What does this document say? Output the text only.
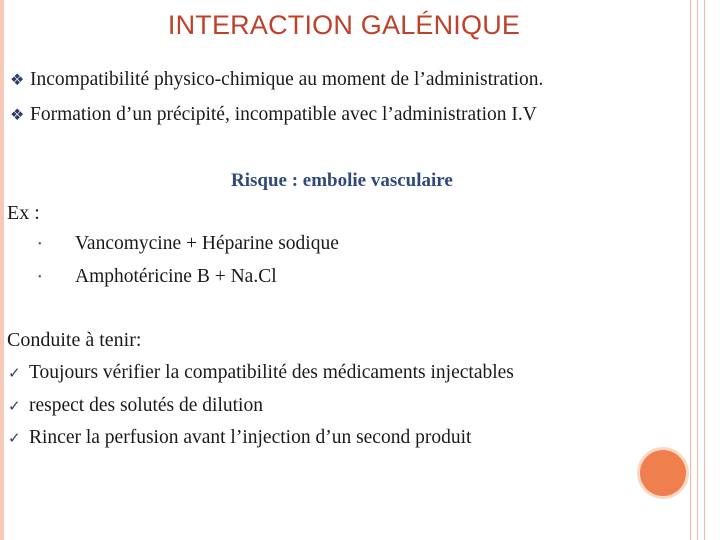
INTERACTION GALÉNIQUE
❖ Incompatibilité physico-chimique au moment de l’administration.
❖ Formation d’un précipité, incompatible avec l’administration I.V
Risque : embolie vasculaire
Ex :
• Vancomycine + Héparine sodique
• Amphotéricine B + Na.Cl
Conduite à tenir:
✓ Toujours vérifier la compatibilité des médicaments injectables
✓ respect des solutés de dilution
✓ Rincer la perfusion avant l’injection d’un second produit
